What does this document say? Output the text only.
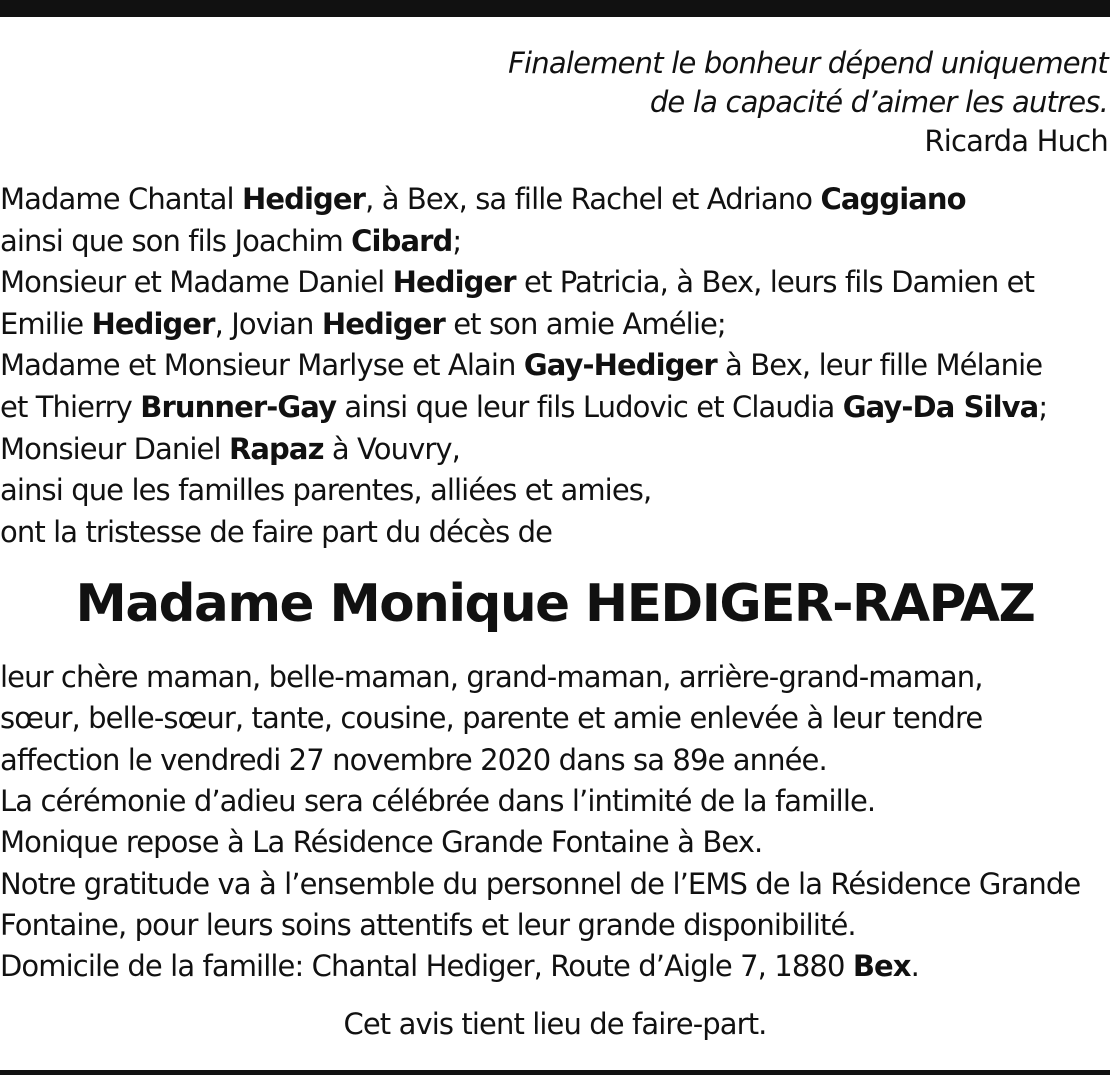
Finalement le bonheur dépend uniquement
de la capacité d’aimer les autres.
Ricarda Huch
Madame Chantal Hediger, à Bex, sa fille Rachel et Adriano Caggiano
ainsi que son fils Joachim Cibard;
Monsieur et Madame Daniel Hediger et Patricia, à Bex, leurs fils Damien et
Emilie Hediger, Jovian Hediger et son amie Amélie;
Madame et Monsieur Marlyse et Alain Gay-Hediger à Bex, leur fille Mélanie
et Thierry Brunner-Gay ainsi que leur fils Ludovic et Claudia Gay-Da Silva;
Monsieur Daniel Rapaz à Vouvry,
ainsi que les familles parentes, alliées et amies,
ont la tristesse de faire part du décès de
Madame Monique HEDIGER-RAPAZ
leur chère maman, belle-maman, grand-maman, arrière-grand-maman,
sœur, belle-sœur, tante, cousine, parente et amie enlevée à leur tendre
affection le vendredi 27 novembre 2020 dans sa 89e année.
La cérémonie d’adieu sera célébrée dans l’intimité de la famille.
Monique repose à La Résidence Grande Fontaine à Bex.
Notre gratitude va à l’ensemble du personnel de l’EMS de la Résidence Grande
Fontaine, pour leurs soins attentifs et leur grande disponibilité.
Domicile de la famille: Chantal Hediger, Route d’Aigle 7, 1880 Bex.
Cet avis tient lieu de faire-part.
